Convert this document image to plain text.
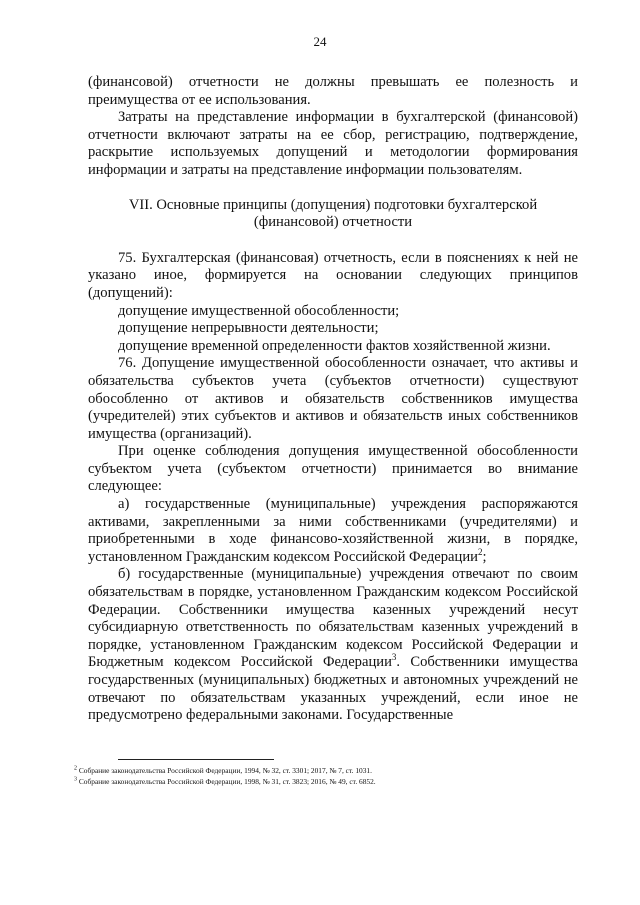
24

(финансовой) отчетности не должны превышать ее полезность и преимущества от ее использования.

Затраты на представление информации в бухгалтерской (финансовой) отчетности включают затраты на ее сбор, регистрацию, подтверждение, раскрытие используемых допущений и методологии формирования информации и затраты на представление информации пользователям.

VII. Основные принципы (допущения) подготовки бухгалтерской
(финансовой) отчетности

75. Бухгалтерская (финансовая) отчетность, если в пояснениях к ней не указано иное, формируется на основании следующих принципов (допущений):

допущение имущественной обособленности;

допущение непрерывности деятельности;

допущение временной определенности фактов хозяйственной жизни.

76. Допущение имущественной обособленности означает, что активы и обязательства субъектов учета (субъектов отчетности) существуют обособленно от активов и обязательств собственников имущества (учредителей) этих субъектов и активов и обязательств иных собственников имущества (организаций).

При оценке соблюдения допущения имущественной обособленности субъектом учета (субъектом отчетности) принимается во внимание следующее:

а) государственные (муниципальные) учреждения распоряжаются активами, закрепленными за ними собственниками (учредителями) и приобретенными в ходе финансово-хозяйственной жизни, в порядке, установленном Гражданским кодексом Российской Федерации$^2$;

б) государственные (муниципальные) учреждения отвечают по своим обязательствам в порядке, установленном Гражданским кодексом Российской Федерации. Собственники имущества казенных учреждений несут субсидиарную ответственность по обязательствам казенных учреждений в порядке, установленном Гражданским кодексом Российской Федерации и Бюджетным кодексом Российской Федерации$^3$. Собственники имущества государственных (муниципальных) бюджетных и автономных учреждений не отвечают по обязательствам указанных учреждений, если иное не предусмотрено федеральными законами. Государственные

$^2$ Собрание законодательства Российской Федерации, 1994, № 32, ст. 3301; 2017, № 7, ст. 1031.
$^3$ Собрание законодательства Российской Федерации, 1998, № 31, ст. 3823; 2016, № 49, ст. 6852.
